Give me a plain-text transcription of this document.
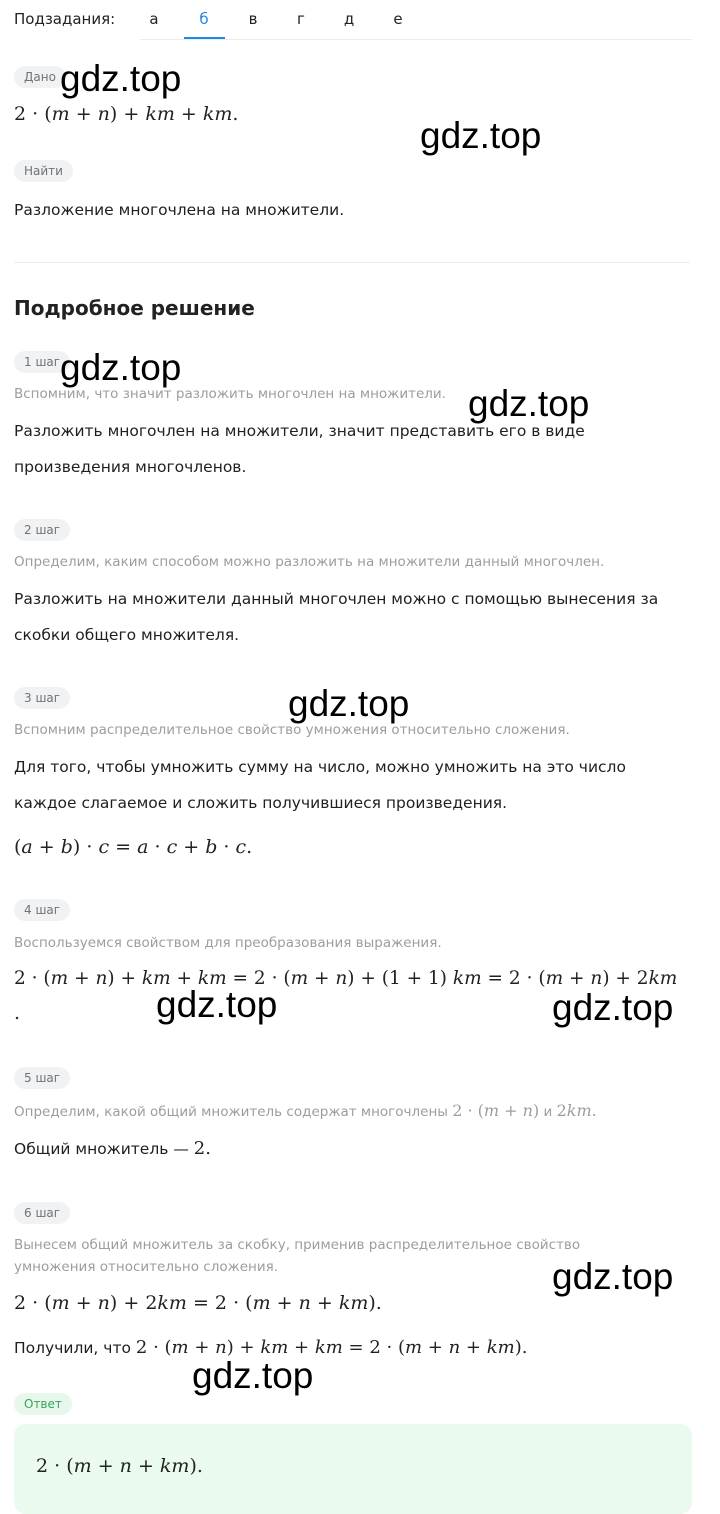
Подзадания:	а	б	в	г	д	е
Дано
2 · (m + n) + km + km.
Найти
Разложение многочлена на множители.
Подробное решение
1 шаг
Вспомним, что значит разложить многочлен на множители.
Разложить многочлен на множители, значит представить его в виде
произведения многочленов.
2 шаг
Определим, каким способом можно разложить на множители данный многочлен.
Разложить на множители данный многочлен можно с помощью вынесения за
скобки общего множителя.
3 шаг
Вспомним распределительное свойство умножения относительно сложения.
Для того, чтобы умножить сумму на число, можно умножить на это число
каждое слагаемое и сложить получившиеся произведения.
(a + b) · c = a · c + b · c.
4 шаг
Воспользуемся свойством для преобразования выражения.
2 · (m + n) + km + km = 2 · (m + n) + (1 + 1) km = 2 · (m + n) + 2km
.
5 шаг
Определим, какой общий множитель содержат многочлены 2 · (m + n) и 2km.
Общий множитель — 2.
6 шаг
Вынесем общий множитель за скобку, применив распределительное свойство
умножения относительно сложения.
2 · (m + n) + 2km = 2 · (m + n + km).
Получили, что 2 · (m + n) + km + km = 2 · (m + n + km).
Ответ
2 · (m + n + km).
gdz.top
gdz.top
gdz.top
gdz.top
gdz.top
gdz.top	gdz.top
gdz.top
gdz.top
